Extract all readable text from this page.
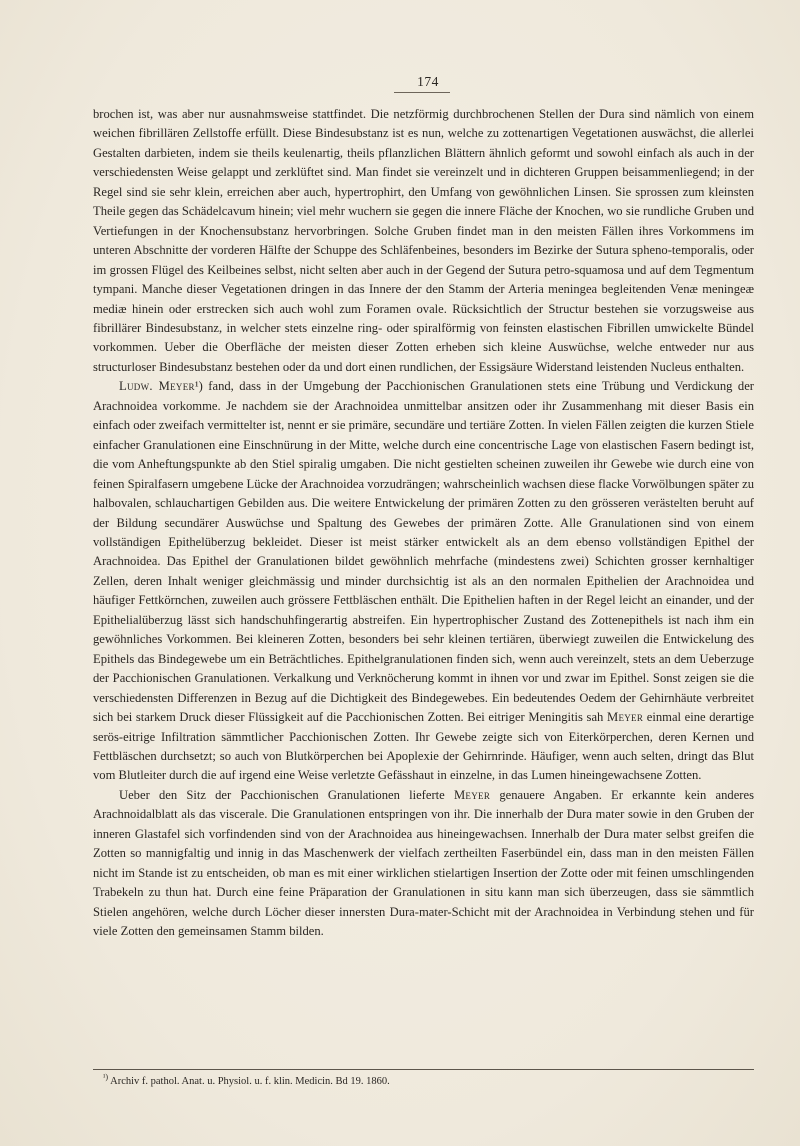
174

brochen ist, was aber nur ausnahmsweise stattfindet. Die netzförmig durchbrochenen Stellen der Dura sind nämlich von einem weichen fibrillären Zellstoffe erfüllt. Diese Bindesubstanz ist es nun, welche zu zottenartigen Vegetationen auswächst, die allerlei Gestalten darbieten, indem sie theils keulenartig, theils pflanzlichen Blättern ähnlich geformt und sowohl einfach als auch in der verschiedensten Weise gelappt und zerklüftet sind. Man findet sie vereinzelt und in dichteren Gruppen beisammenliegend; in der Regel sind sie sehr klein, erreichen aber auch, hypertrophirt, den Umfang von gewöhnlichen Linsen. Sie sprossen zum kleinsten Theile gegen das Schädelcavum hinein; viel mehr wuchern sie gegen die innere Fläche der Knochen, wo sie rundliche Gruben und Vertiefungen in der Knochensubstanz hervorbringen. Solche Gruben findet man in den meisten Fällen ihres Vorkommens im unteren Abschnitte der vorderen Hälfte der Schuppe des Schläfenbeines, besonders im Bezirke der Sutura spheno-temporalis, oder im grossen Flügel des Keilbeines selbst, nicht selten aber auch in der Gegend der Sutura petro-squamosa und auf dem Tegmentum tympani. Manche dieser Vegetationen dringen in das Innere der den Stamm der Arteria meningea begleitenden Venæ meningeæ mediæ hinein oder erstrecken sich auch wohl zum Foramen ovale. Rücksichtlich der Structur bestehen sie vorzugsweise aus fibrillärer Bindesubstanz, in welcher stets einzelne ring- oder spiralförmig von feinsten elastischen Fibrillen umwickelte Bündel vorkommen. Ueber die Oberfläche der meisten dieser Zotten erheben sich kleine Auswüchse, welche entweder nur aus structurloser Bindesubstanz bestehen oder da und dort einen rundlichen, der Essigsäure Widerstand leistenden Nucleus enthalten.

Ludw. Meyer¹) fand, dass in der Umgebung der Pacchionischen Granulationen stets eine Trübung und Verdickung der Arachnoidea vorkomme. Je nachdem sie der Arachnoidea unmittelbar ansitzen oder ihr Zusammenhang mit dieser Basis ein einfach oder zweifach vermittelter ist, nennt er sie primäre, secundäre und tertiäre Zotten. In vielen Fällen zeigten die kurzen Stiele einfacher Granulationen eine Einschnürung in der Mitte, welche durch eine concentrische Lage von elastischen Fasern bedingt ist, die vom Anheftungspunkte ab den Stiel spiralig umgaben. Die nicht gestielten scheinen zuweilen ihr Gewebe wie durch eine von feinen Spiralfasern umgebene Lücke der Arachnoidea vorzudrängen; wahrscheinlich wachsen diese flacke Vorwölbungen später zu halbovalen, schlauchartigen Gebilden aus. Die weitere Entwickelung der primären Zotten zu den grösseren verästelten beruht auf der Bildung secundärer Auswüchse und Spaltung des Gewebes der primären Zotte. Alle Granulationen sind von einem vollständigen Epithelüberzug bekleidet. Dieser ist meist stärker entwickelt als an dem ebenso vollständigen Epithel der Arachnoidea. Das Epithel der Granulationen bildet gewöhnlich mehrfache (mindestens zwei) Schichten grosser kernhaltiger Zellen, deren Inhalt weniger gleichmässig und minder durchsichtig ist als an den normalen Epithelien der Arachnoidea und häufiger Fettkörnchen, zuweilen auch grössere Fettbläschen enthält. Die Epithelien haften in der Regel leicht an einander, und der Epithelialüberzug lässt sich handschuhfingerartig abstreifen. Ein hypertrophischer Zustand des Zottenepithels ist nach ihm ein gewöhnliches Vorkommen. Bei kleineren Zotten, besonders bei sehr kleinen tertiären, überwiegt zuweilen die Entwickelung des Epithels das Bindegewebe um ein Beträchtliches. Epithelgranulationen finden sich, wenn auch vereinzelt, stets an dem Ueberzuge der Pacchionischen Granulationen. Verkalkung und Verknöcherung kommt in ihnen vor und zwar im Epithel. Sonst zeigen sie die verschiedensten Differenzen in Bezug auf die Dichtigkeit des Bindegewebes. Ein bedeutendes Oedem der Gehirnhäute verbreitet sich bei starkem Druck dieser Flüssigkeit auf die Pacchionischen Zotten. Bei eitriger Meningitis sah Meyer einmal eine derartige serös-eitrige Infiltration sämmtlicher Pacchionischen Zotten. Ihr Gewebe zeigte sich von Eiterkörperchen, deren Kernen und Fettbläschen durchsetzt; so auch von Blutkörperchen bei Apoplexie der Gehirnrinde. Häufiger, wenn auch selten, dringt das Blut vom Blutleiter durch die auf irgend eine Weise verletzte Gefässhaut in einzelne, in das Lumen hineingewachsene Zotten.

Ueber den Sitz der Pacchionischen Granulationen lieferte Meyer genauere Angaben. Er erkannte kein anderes Arachnoidalblatt als das viscerale. Die Granulationen entspringen von ihr. Die innerhalb der Dura mater sowie in den Gruben der inneren Glastafel sich vorfindenden sind von der Arachnoidea aus hineingewachsen. Innerhalb der Dura mater selbst greifen die Zotten so mannigfaltig und innig in das Maschenwerk der vielfach zertheilten Faserbündel ein, dass man in den meisten Fällen nicht im Stande ist zu entscheiden, ob man es mit einer wirklichen stielartigen Insertion der Zotte oder mit feinen umschlingenden Trabekeln zu thun hat. Durch eine feine Präparation der Granulationen in situ kann man sich überzeugen, dass sie sämmtlich Stielen angehören, welche durch Löcher dieser innersten Dura-mater-Schicht mit der Arachnoidea in Verbindung stehen und für viele Zotten den gemeinsamen Stamm bilden.

$^{^1)}$ Archiv f. pathol. Anat. u. Physiol. u. f. klin. Medicin. Bd 19. 1860.
